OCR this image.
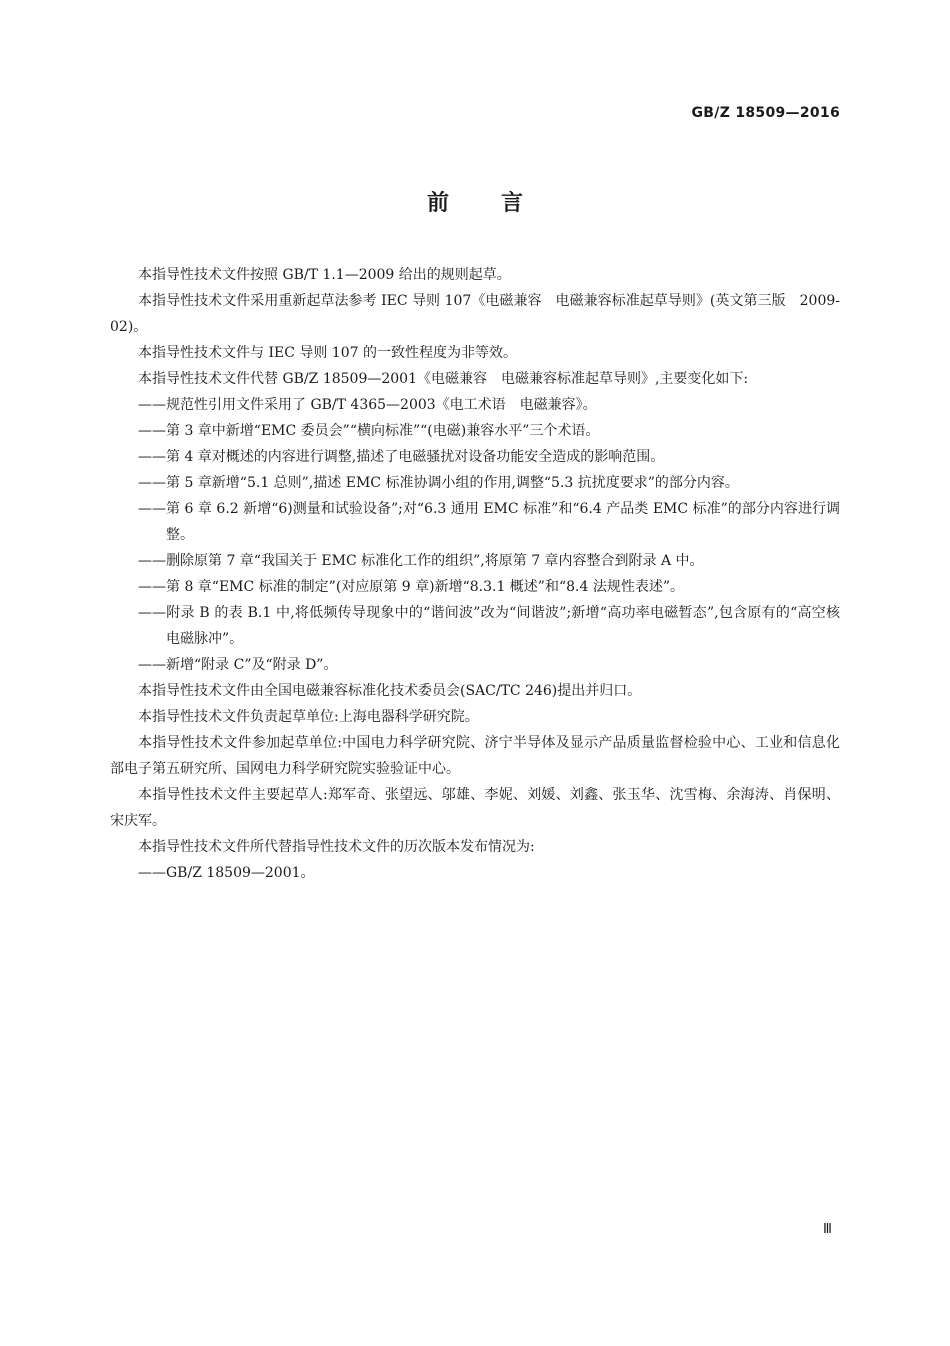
GB/Z 18509—2016
前言

本指导性技术文件按照 GB/T 1.1—2009 给出的规则起草。

本指导性技术文件采用重新起草法参考 IEC 导则 107《电磁兼容　电磁兼容标准起草导则》(英文第三版　2009-02)。

本指导性技术文件与 IEC 导则 107 的一致性程度为非等效。

本指导性技术文件代替 GB/Z 18509—2001《电磁兼容　电磁兼容标准起草导则》,主要变化如下:

——规范性引用文件采用了 GB/T 4365—2003《电工术语　电磁兼容》。

——第 3 章中新增“EMC 委员会”“横向标准”“(电磁)兼容水平”三个术语。

——第 4 章对概述的内容进行调整,描述了电磁骚扰对设备功能安全造成的影响范围。

——第 5 章新增“5.1 总则”,描述 EMC 标准协调小组的作用,调整“5.3 抗扰度要求”的部分内容。

——第 6 章 6.2 新增“6)测量和试验设备”;对“6.3 通用 EMC 标准”和“6.4 产品类 EMC 标准”的部分内容进行调整。

——删除原第 7 章“我国关于 EMC 标准化工作的组织”,将原第 7 章内容整合到附录 A 中。

——第 8 章“EMC 标准的制定”(对应原第 9 章)新增“8.3.1 概述”和“8.4 法规性表述”。

——附录 B 的表 B.1 中,将低频传导现象中的“谐间波”改为“间谐波”;新增“高功率电磁暂态”,包含原有的“高空核电磁脉冲”。

——新增“附录 C”及“附录 D”。

本指导性技术文件由全国电磁兼容标准化技术委员会(SAC/TC 246)提出并归口。

本指导性技术文件负责起草单位:上海电器科学研究院。

本指导性技术文件参加起草单位:中国电力科学研究院、济宁半导体及显示产品质量监督检验中心、工业和信息化部电子第五研究所、国网电力科学研究院实验验证中心。

本指导性技术文件主要起草人:郑军奇、张望远、邬雄、李妮、刘媛、刘鑫、张玉华、沈雪梅、余海涛、肖保明、宋庆军。

本指导性技术文件所代替指导性技术文件的历次版本发布情况为:

——GB/Z 18509—2001。

Ⅲ
